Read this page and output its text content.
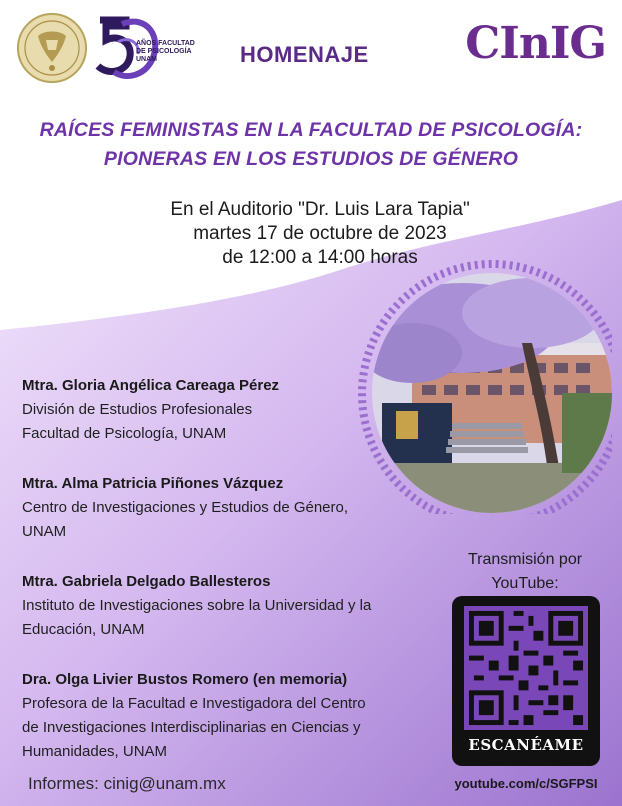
AÑOS FACULTAD DE PSICOLOGÍA UNAM	HOMENAJE CInIG
RAÍCES FEMINISTAS EN LA FACULTAD DE PSICOLOGÍA:
PIONERAS EN LOS ESTUDIOS DE GÉNERO
En el Auditorio "Dr. Luis Lara Tapia"
martes 17 de octubre de 2023
de 12:00 a 14:00 horas
Mtra. Gloria Angélica Careaga Pérez
División de Estudios Profesionales
Facultad de Psicología, UNAM
Mtra. Alma Patricia Piñones Vázquez
Centro de Investigaciones y Estudios de Género,
UNAM
Mtra. Gabriela Delgado Ballesteros
Instituto de Investigaciones sobre la Universidad y la
Educación, UNAM
Dra. Olga Livier Bustos Romero (en memoria)
Profesora de la Facultad e Investigadora del Centro
de Investigaciones Interdisciplinarias en Ciencias y
Humanidades, UNAM
Informes: cinig@unam.mx
Transmisión por
YouTube:
ESCANÉAME
youtube.com/c/SGFPSI
